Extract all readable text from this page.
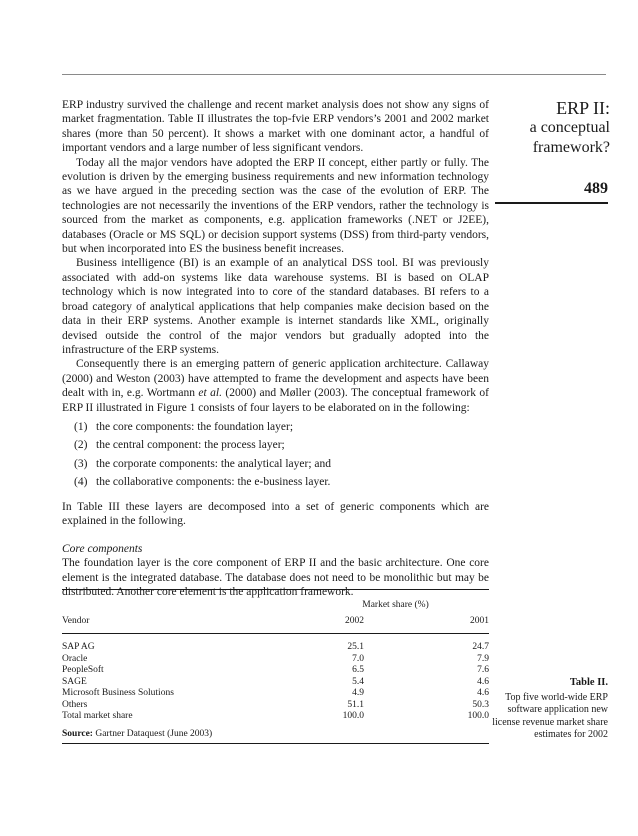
ERP II:
a conceptual
framework?
489

ERP industry survived the challenge and recent market analysis does not show any signs of market fragmentation. Table II illustrates the top-fvie ERP vendors’s 2001 and 2002 market shares (more than 50 percent). It shows a market with one dominant actor, a handful of important vendors and a large number of less significant vendors.

Today all the major vendors have adopted the ERP II concept, either partly or fully. The evolution is driven by the emerging business requirements and new information technology as we have argued in the preceding section was the case of the evolution of ERP. The technologies are not necessarily the inventions of the ERP vendors, rather the technology is sourced from the market as components, e.g. application frameworks (.NET or J2EE), databases (Oracle or MS SQL) or decision support systems (DSS) from third-party vendors, but when incorporated into ES the business benefit increases.

Business intelligence (BI) is an example of an analytical DSS tool. BI was previously associated with add-on systems like data warehouse systems. BI is based on OLAP technology which is now integrated into to core of the standard databases. BI refers to a broad category of analytical applications that help companies make decision based on the data in their ERP systems. Another example is internet standards like XML, originally devised outside the control of the major vendors but gradually adopted into the infrastructure of the ERP systems.

Consequently there is an emerging pattern of generic application architecture. Callaway (2000) and Weston (2003) have attempted to frame the development and aspects have been dealt with in, e.g. Wortmann et al. (2000) and Møller (2003). The conceptual framework of ERP II illustrated in Figure 1 consists of four layers to be elaborated on in the following:

(1) the core components: the foundation layer;
(2) the central component: the process layer;
(3) the corporate components: the analytical layer; and
(4) the collaborative components: the e-business layer.

In Table III these layers are decomposed into a set of generic components which are explained in the following.

Core components

The foundation layer is the core component of ERP II and the basic architecture. One core element is the integrated database. The database does not need to be monolithic but may be distributed. Another core element is the application framework.

	Market share (%)		
Vendor	2002		2001
SAP AG	25.1		24.7
Oracle	7.0		7.9
PeopleSoft	6.5		7.6
SAGE	5.4		4.6
Microsoft Business Solutions	4.9		4.6
Others	51.1		50.3
Total market share	100.0		100.0
Source: Gartner Dataquest (June 2003)
Table II.
Top five world-wide ERP software application new license revenue market share estimates for 2002
